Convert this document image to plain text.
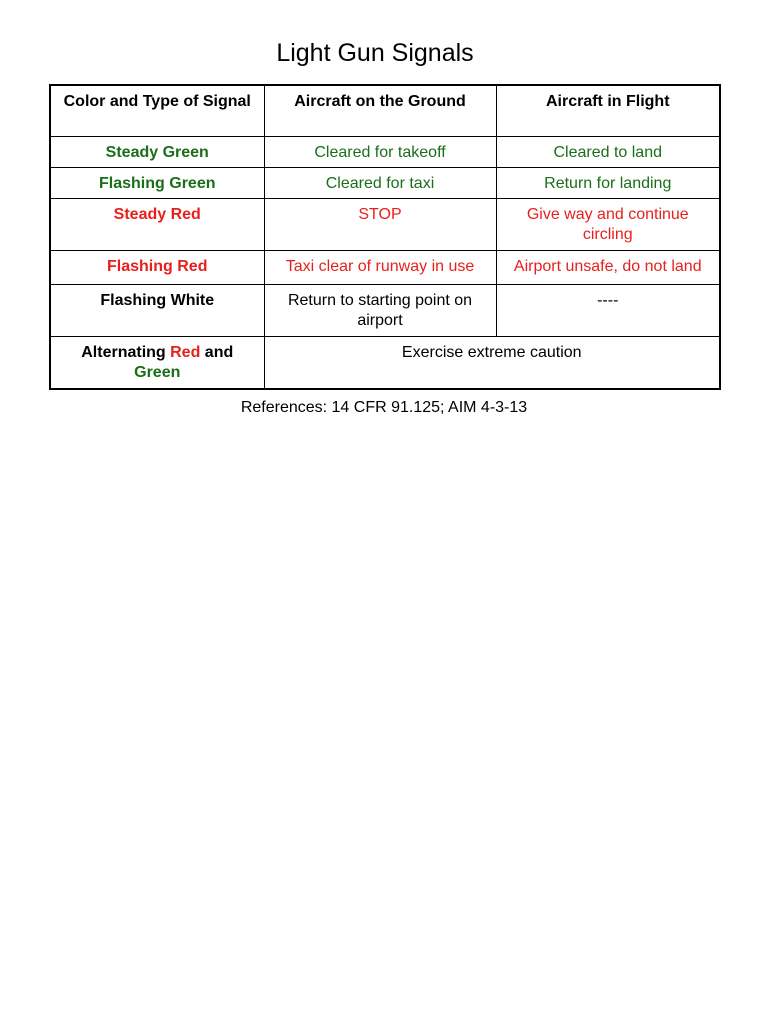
Light Gun Signals
Color and Type of Signal	Aircraft on the Ground	Aircraft in Flight
Steady Green	Cleared for takeoff	Cleared to land
Flashing Green	Cleared for taxi	Return for landing
Steady Red	STOP	Give way and continue circling
Flashing Red	Taxi clear of runway in use	Airport unsafe, do not land
Flashing White	Return to starting point on airport	----
Alternating Red and Green	Exercise extreme caution	
References: 14 CFR 91.125; AIM 4-3-13
